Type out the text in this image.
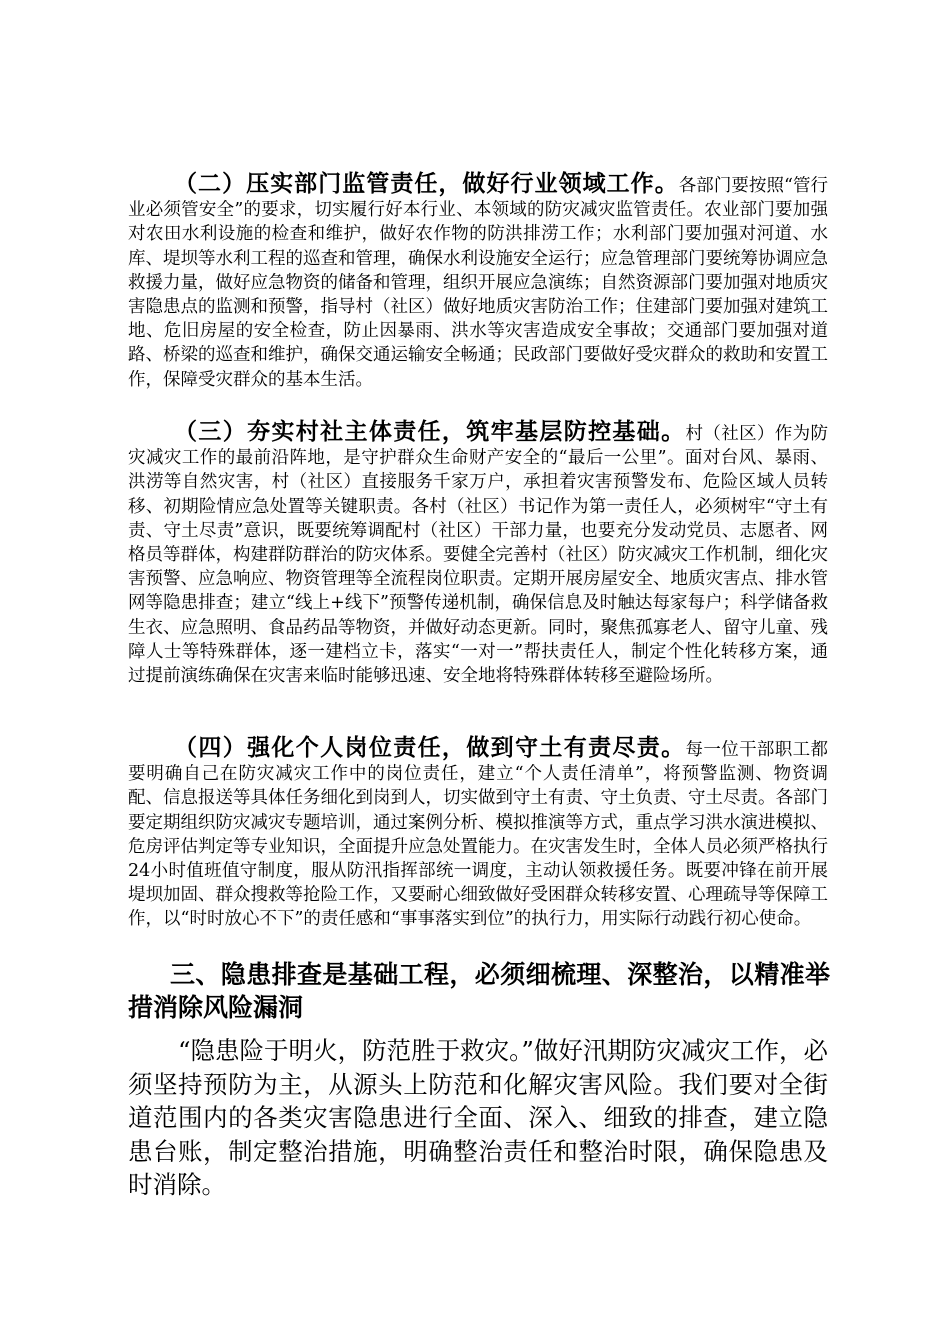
（二）压实部门监管责任，做好行业领域工作。各部门要按照“管行业必须管安全”的要求，切实履行好本行业、本领域的防灾减灾监管责任。农业部门要加强对农田水利设施的检查和维护，做好农作物的防洪排涝工作；水利部门要加强对河道、水库、堤坝等水利工程的巡查和管理，确保水利设施安全运行；应急管理部门要统筹协调应急救援力量，做好应急物资的储备和管理，组织开展应急演练；自然资源部门要加强对地质灾害隐患点的监测和预警，指导村（社区）做好地质灾害防治工作；住建部门要加强对建筑工地、危旧房屋的安全检查，防止因暴雨、洪水等灾害造成安全事故；交通部门要加强对道路、桥梁的巡查和维护，确保交通运输安全畅通；民政部门要做好受灾群众的救助和安置工作，保障受灾群众的基本生活。

（三）夯实村社主体责任，筑牢基层防控基础。村（社区）作为防灾减灾工作的最前沿阵地，是守护群众生命财产安全的“最后一公里”。面对台风、暴雨、洪涝等自然灾害，村（社区）直接服务千家万户，承担着灾害预警发布、危险区域人员转移、初期险情应急处置等关键职责。各村（社区）书记作为第一责任人，必须树牢“守土有责、守土尽责”意识，既要统筹调配村（社区）干部力量，也要充分发动党员、志愿者、网格员等群体，构建群防群治的防灾体系。要健全完善村（社区）防灾减灾工作机制，细化灾害预警、应急响应、物资管理等全流程岗位职责。定期开展房屋安全、地质灾害点、排水管网等隐患排查；建立“线上+线下”预警传递机制，确保信息及时触达每家每户；科学储备救生衣、应急照明、食品药品等物资，并做好动态更新。同时，聚焦孤寡老人、留守儿童、残障人士等特殊群体，逐一建档立卡，落实“一对一”帮扶责任人，制定个性化转移方案，通过提前演练确保在灾害来临时能够迅速、安全地将特殊群体转移至避险场所。

（四）强化个人岗位责任，做到守土有责尽责。每一位干部职工都要明确自己在防灾减灾工作中的岗位责任，建立“个人责任清单”，将预警监测、物资调配、信息报送等具体任务细化到岗到人，切实做到守土有责、守土负责、守土尽责。各部门要定期组织防灾减灾专题培训，通过案例分析、模拟推演等方式，重点学习洪水演进模拟、危房评估判定等专业知识，全面提升应急处置能力。在灾害发生时，全体人员必须严格执行24小时值班值守制度，服从防汛指挥部统一调度，主动认领救援任务。既要冲锋在前开展堤坝加固、群众搜救等抢险工作，又要耐心细致做好受困群众转移安置、心理疏导等保障工作，以“时时放心不下”的责任感和“事事落实到位”的执行力，用实际行动践行初心使命。

三、隐患排查是基础工程，必须细梳理、深整治，以精准举措消除风险漏洞

“隐患险于明火，防范胜于救灾。”做好汛期防灾减灾工作，必须坚持预防为主，从源头上防范和化解灾害风险。我们要对全街道范围内的各类灾害隐患进行全面、深入、细致的排查，建立隐患台账，制定整治措施，明确整治责任和整治时限，确保隐患及时消除。
